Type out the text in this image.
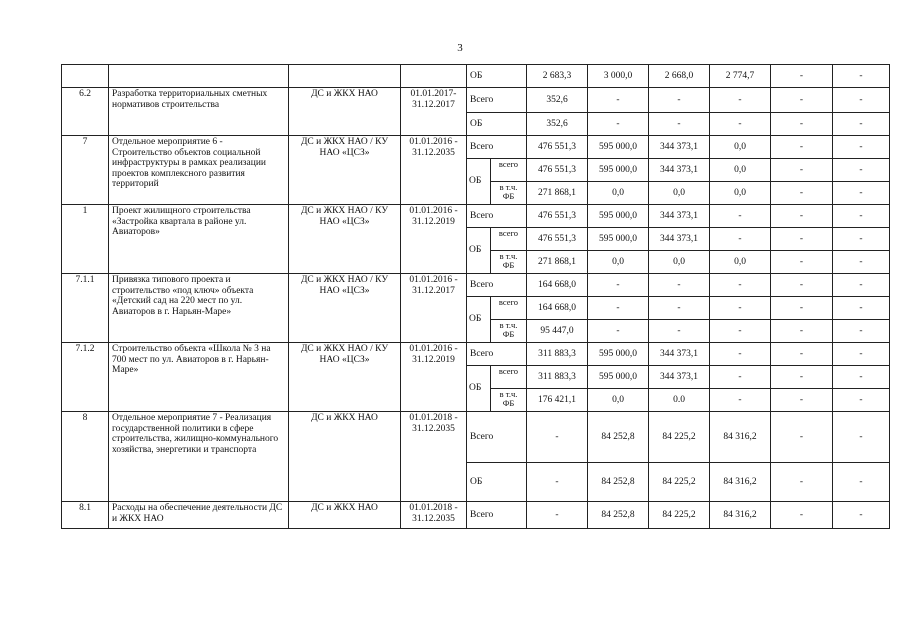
3
				ОБ		2 683,3	3 000,0	2 668,0	2 774,7	-	-
6.2	Разработка территориальных сметных нормативов строительства	ДС и ЖКХ НАО	01.01.2017-31.12.2017	Всего		352,6	-	-	-	-	-
				ОБ		352,6	-	-	-	-	-
7	Отдельное мероприятие 6 - Строительство объектов социальной инфраструктуры в рамках реализации проектов комплексного развития территорий	ДС и ЖКХ НАО / КУ НАО «ЦСЗ»	01.01.2016 - 31.12.2035	Всего		476 551,3	595 000,0	344 373,1	0,0	-	-
				ОБ	всего	476 551,3	595 000,0	344 373,1	0,0	-	-
					в т.ч. ФБ	271 868,1	0,0	0,0	0,0	-	-
1	Проект жилищного строительства «Застройка квартала в районе ул. Авиаторов»	ДС и ЖКХ НАО / КУ НАО «ЦСЗ»	01.01.2016 - 31.12.2019	Всего		476 551,3	595 000,0	344 373,1	-	-	-
				ОБ	всего	476 551,3	595 000,0	344 373,1	-	-	-
					в т.ч. ФБ	271 868,1	0,0	0,0	0,0	-	-
7.1.1	Привязка типового проекта и строительство «под ключ» объекта «Детский сад на 220 мест по ул. Авиаторов в г. Нарьян-Маре»	ДС и ЖКХ НАО / КУ НАО «ЦСЗ»	01.01.2016 - 31.12.2017	Всего		164 668,0	-	-	-	-	-
				ОБ	всего	164 668,0	-	-	-	-	-
					в т.ч. ФБ	95 447,0	-	-	-	-	-
7.1.2	Строительство объекта «Школа № 3 на 700 мест по ул. Авиаторов в г. Нарьян-Маре»	ДС и ЖКХ НАО / КУ НАО «ЦСЗ»	01.01.2016 - 31.12.2019	Всего		311 883,3	595 000,0	344 373,1	-	-	-
				ОБ	всего	311 883,3	595 000,0	344 373,1	-	-	-
					в т.ч. ФБ	176 421,1	0,0	0.0	-	-	-
8	Отдельное мероприятие 7 - Реализация государственной политики в сфере строительства, жилищно-коммунального хозяйства, энергетики и транспорта	ДС и ЖКХ НАО	01.01.2018 - 31.12.2035	Всего		-	84 252,8	84 225,2	84 316,2	-	-
				ОБ		-	84 252,8	84 225,2	84 316,2	-	-
8.1	Расходы на обеспечение деятельности ДС и ЖКХ НАО	ДС и ЖКХ НАО	01.01.2018 - 31.12.2035	Всего		-	84 252,8	84 225,2	84 316,2	-	-
